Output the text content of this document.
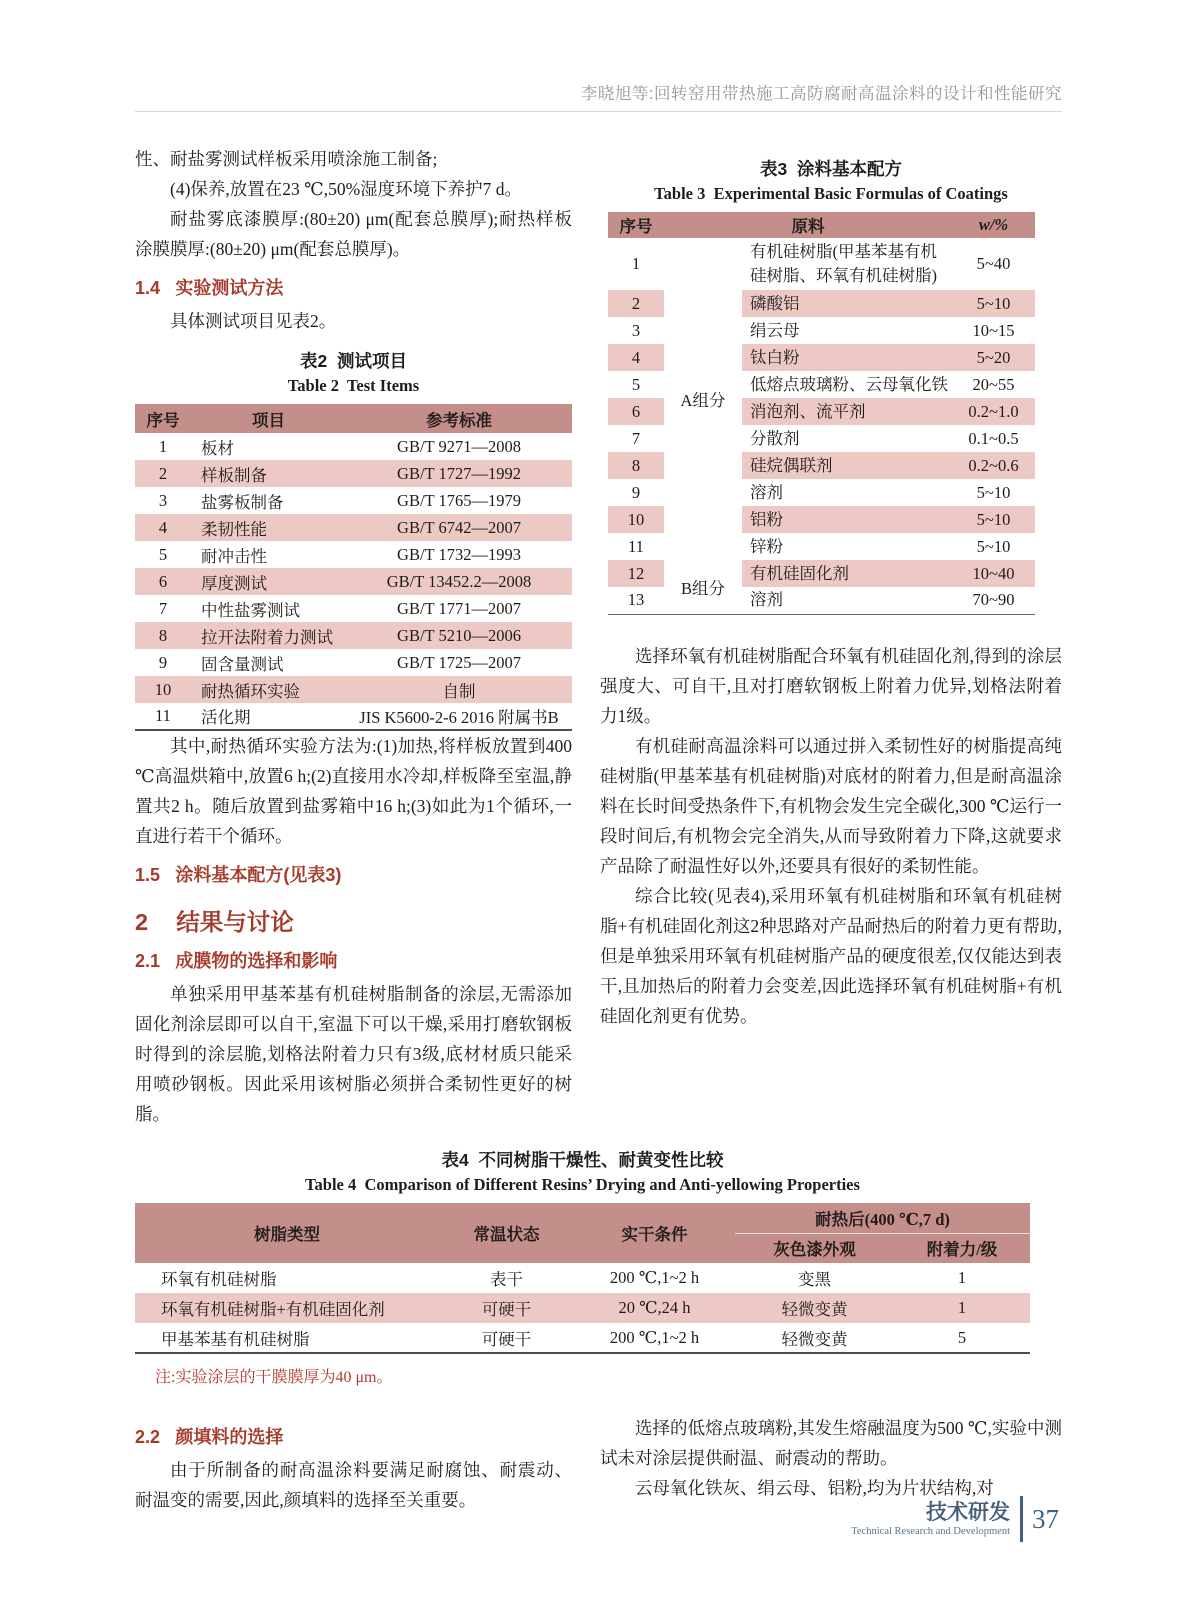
李晓旭等:回转窑用带热施工高防腐耐高温涂料的设计和性能研究

性、耐盐雾测试样板采用喷涂施工制备;

(4)保养,放置在23 ℃,50%湿度环境下养护7 d。

耐盐雾底漆膜厚:(80±20) μm(配套总膜厚);耐热样板涂膜膜厚:(80±20) μm(配套总膜厚)。

1.4 实验测试方法

具体测试项目见表2。

表2  测试项目
Table 2  Test Items
序号	项目	参考标准
1	板材	GB/T 9271—2008
2	样板制备	GB/T 1727—1992
3	盐雾板制备	GB/T 1765—1979
4	柔韧性能	GB/T 6742—2007
5	耐冲击性	GB/T 1732—1993
6	厚度测试	GB/T 13452.2—2008
7	中性盐雾测试	GB/T 1771—2007
8	拉开法附着力测试	GB/T 5210—2006
9	固含量测试	GB/T 1725—2007
10	耐热循环实验	自制
11	活化期	JIS K5600-2-6 2016 附属书B

其中,耐热循环实验方法为:(1)加热,将样板放置到400 ℃高温烘箱中,放置6 h;(2)直接用水冷却,样板降至室温,静置共2 h。随后放置到盐雾箱中16 h;(3)如此为1个循环,一直进行若干个循环。

1.5 涂料基本配方(见表3)
2 结果与讨论
2.1 成膜物的选择和影响

单独采用甲基苯基有机硅树脂制备的涂层,无需添加固化剂涂层即可以自干,室温下可以干燥,采用打磨软钢板时得到的涂层脆,划格法附着力只有3级,底材材质只能采用喷砂钢板。因此采用该树脂必须拼合柔韧性更好的树脂。

表3  涂料基本配方
Table 3  Experimental Basic Formulas of Coatings
序号	原料		w/%
1	A组分	有机硅树脂(甲基苯基有机硅树脂、环氧有机硅树脂)	5~40
2		磷酸铝	5~10
3		绢云母	10~15
4		钛白粉	5~20
5		低熔点玻璃粉、云母氧化铁	20~55
6		消泡剂、流平剂	0.2~1.0
7		分散剂	0.1~0.5
8		硅烷偶联剂	0.2~0.6
9		溶剂	5~10
10		铝粉	5~10
11		锌粉	5~10
12	B组分	有机硅固化剂	10~40
13		溶剂	70~90

选择环氧有机硅树脂配合环氧有机硅固化剂,得到的涂层强度大、可自干,且对打磨软钢板上附着力优异,划格法附着力1级。

有机硅耐高温涂料可以通过拼入柔韧性好的树脂提高纯硅树脂(甲基苯基有机硅树脂)对底材的附着力,但是耐高温涂料在长时间受热条件下,有机物会发生完全碳化,300 ℃运行一段时间后,有机物会完全消失,从而导致附着力下降,这就要求产品除了耐温性好以外,还要具有很好的柔韧性能。

综合比较(见表4),采用环氧有机硅树脂和环氧有机硅树脂+有机硅固化剂这2种思路对产品耐热后的附着力更有帮助,但是单独采用环氧有机硅树脂产品的硬度很差,仅仅能达到表干,且加热后的附着力会变差,因此选择环氧有机硅树脂+有机硅固化剂更有优势。

表4  不同树脂干燥性、耐黄变性比较
Table 4  Comparison of Different Resins’ Drying and Anti-yellowing Properties
树脂类型	常温状态	实干条件	耐热后(400 ℃,7 d)	
			灰色漆外观	附着力/级
环氧有机硅树脂	表干	200 ℃,1~2 h	变黑	1
环氧有机硅树脂+有机硅固化剂	可硬干	20 ℃,24 h	轻微变黄	1
甲基苯基有机硅树脂	可硬干	200 ℃,1~2 h	轻微变黄	5
注:实验涂层的干膜膜厚为40 μm。
2.2 颜填料的选择

由于所制备的耐高温涂料要满足耐腐蚀、耐震动、耐温变的需要,因此,颜填料的选择至关重要。

选择的低熔点玻璃粉,其发生熔融温度为500 ℃,实验中测试未对涂层提供耐温、耐震动的帮助。

云母氧化铁灰、绢云母、铝粉,均为片状结构,对

技术研发
Technical Research and Development 37
